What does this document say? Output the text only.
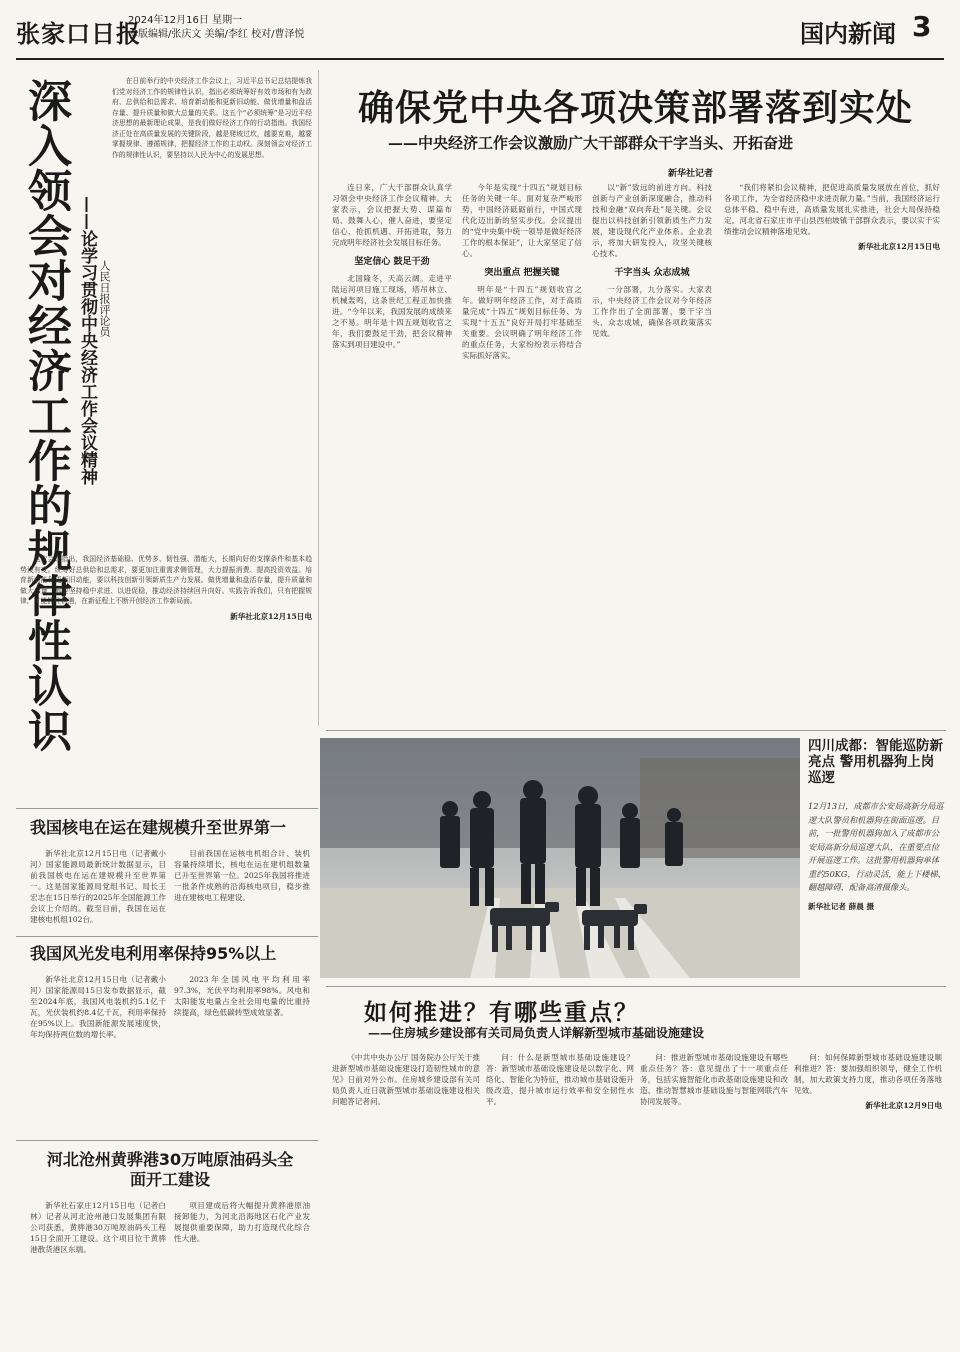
张家口日报
2024年12月16日 星期一
本版编辑/张庆文 美编/李红 校对/曹泽悦	国内新闻 3
深入领会对经济工作的规律性认识 ——论学习贯彻中央经济工作会议精神 人民日报评论员

在日前举行的中央经济工作会议上，习近平总书记总结提炼我们党对经济工作的规律性认识，指出必须统筹好有效市场和有为政府、总供给和总需求、培育新动能和更新旧动能、做优增量和盘活存量、提升质量和做大总量的关系。这五个“必须统筹”是习近平经济思想的最新理论成果，是我们做好经济工作的行动指南。我国经济正处在高质量发展的关键阶段，越是爬坡过坎，越要克难，越要掌握规律、遵循规律，把握经济工作的主动权。深刻领会对经济工作的规律性认识，要坚持以人民为中心的发展思想。

这次会议指出，我国经济基础稳、优势多、韧性强、潜能大，长期向好的支撑条件和基本趋势没有变。统筹好总供给和总需求，要更加注重需求侧管理，大力提振消费、提高投资效益。培育新动能和更新旧动能，要以科技创新引领新质生产力发展。做优增量和盘活存量，提升质量和做大总量，都要坚持稳中求进、以进促稳，推动经济持续回升向好。实践告诉我们，只有把握规律，才能抓住机遇，在新征程上不断开创经济工作新局面。

新华社北京12月15日电
确保党中央各项决策部署落到实处
——中央经济工作会议激励广大干部群众干字当头、开拓奋进
新华社记者

连日来，广大干部群众认真学习领会中央经济工作会议精神。大家表示，会议把握大势、谋篇布局、鼓舞人心，催人奋进，要坚定信心、抢抓机遇、开拓进取，努力完成明年经济社会发展目标任务。

坚定信心 鼓足干劲

北国隆冬，天高云阔。走进平陆运河项目施工现场，塔吊林立、机械轰鸣，这条世纪工程正加快推进。“今年以来，我国发展的成绩来之不易。明年是十四五规划收官之年，我们要鼓足干劲，把会议精神落实到项目建设中。”

今年是实现“十四五”规划目标任务的关键一年。面对复杂严峻形势，中国经济砥砺前行，中国式现代化迈出新的坚实步伐。会议提出的“党中央集中统一领导是做好经济工作的根本保证”，让大家坚定了信心。

突出重点 把握关键

明年是“十四五”规划收官之年。做好明年经济工作，对于高质量完成“十四五”规划目标任务、为实现“十五五”良好开局打牢基础至关重要。会议明确了明年经济工作的重点任务，大家纷纷表示将结合实际抓好落实。

以“新”致远的前进方向。科技创新与产业创新深度融合，推动科技和金融“双向奔赴”是关键。会议提出以科技创新引领新质生产力发展，建设现代化产业体系。企业表示，将加大研发投入，攻坚关键核心技术。

干字当头 众志成城

一分部署，九分落实。大家表示，中央经济工作会议对今年经济工作作出了全面部署，要干字当头、众志成城，确保各项政策落实见效。

“我们将紧扣会议精神，把促进高质量发展放在首位，抓好各项工作，为全省经济稳中求进贡献力量。”当前，我国经济运行总体平稳、稳中有进，高质量发展扎实推进，社会大局保持稳定。河北省石家庄市平山县西柏坡镇干部群众表示，要以实干实绩推动会议精神落地见效。

新华社北京12月15日电
四川成都：智能巡防新亮点 警用机器狗上岗巡逻
12月13日，成都市公安局高新分局巡逻大队警员和机器狗在街面巡逻。目前，一批警用机器狗加入了成都市公安局高新分局巡逻大队，在重要点位开展巡逻工作。这批警用机器狗单体重约50KG，行动灵活，能上下楼梯、翻越障碍，配备高清摄像头。
新华社记者 薛晨 摄
如何推进？有哪些重点？
——住房城乡建设部有关司局负责人详解新型城市基础设施建设

《中共中央办公厅 国务院办公厅关于推进新型城市基础设施建设打造韧性城市的意见》日前对外公布。住房城乡建设部有关司局负责人近日就新型城市基础设施建设相关问题答记者问。

问：什么是新型城市基础设施建设？答：新型城市基础设施建设是以数字化、网络化、智能化为特征，推动城市基础设施升级改造，提升城市运行效率和安全韧性水平。

问：推进新型城市基础设施建设有哪些重点任务？答：意见提出了十一项重点任务，包括实施智能化市政基础设施建设和改造、推动智慧城市基础设施与智能网联汽车协同发展等。

问：如何保障新型城市基础设施建设顺利推进？答：要加强组织领导，健全工作机制，加大政策支持力度，推动各项任务落地见效。

新华社北京12月9日电
我国核电在运在建规模升至世界第一

新华社北京12月15日电（记者戴小河）国家能源局最新统计数据显示，目前我国核电在运在建规模升至世界第一。这是国家能源局党组书记、局长王宏志在15日举行的2025年全国能源工作会议上介绍的。截至目前，我国在运在建核电机组102台。

目前我国在运核电机组合计、装机容量持续增长，核电在运在建机组数量已升至世界第一位。2025年我国将推进一批条件成熟的沿海核电项目，稳步推进在建核电工程建设。

我国风光发电利用率保持95%以上

新华社北京12月15日电（记者戴小河）国家能源局15日发布数据显示，截至2024年底，我国风电装机约5.1亿千瓦，光伏装机约8.4亿千瓦，利用率保持在95%以上。我国新能源发展速度快，年均保持两位数的增长率。

2023年全国风电平均利用率97.3%，光伏平均利用率98%。风电和太阳能发电量占全社会用电量的比重持续提高，绿色低碳转型成效显著。

河北沧州黄骅港30万吨原油码头全面开工建设

新华社石家庄12月15日电（记者白林）记者从河北沧州港口发展集团有限公司获悉，黄骅港30万吨原油码头工程15日全面开工建设。这个项目位于黄骅港散货港区东端。

项目建成后将大幅提升黄骅港原油接卸能力，为河北沿海地区石化产业发展提供重要保障，助力打造现代化综合性大港。
